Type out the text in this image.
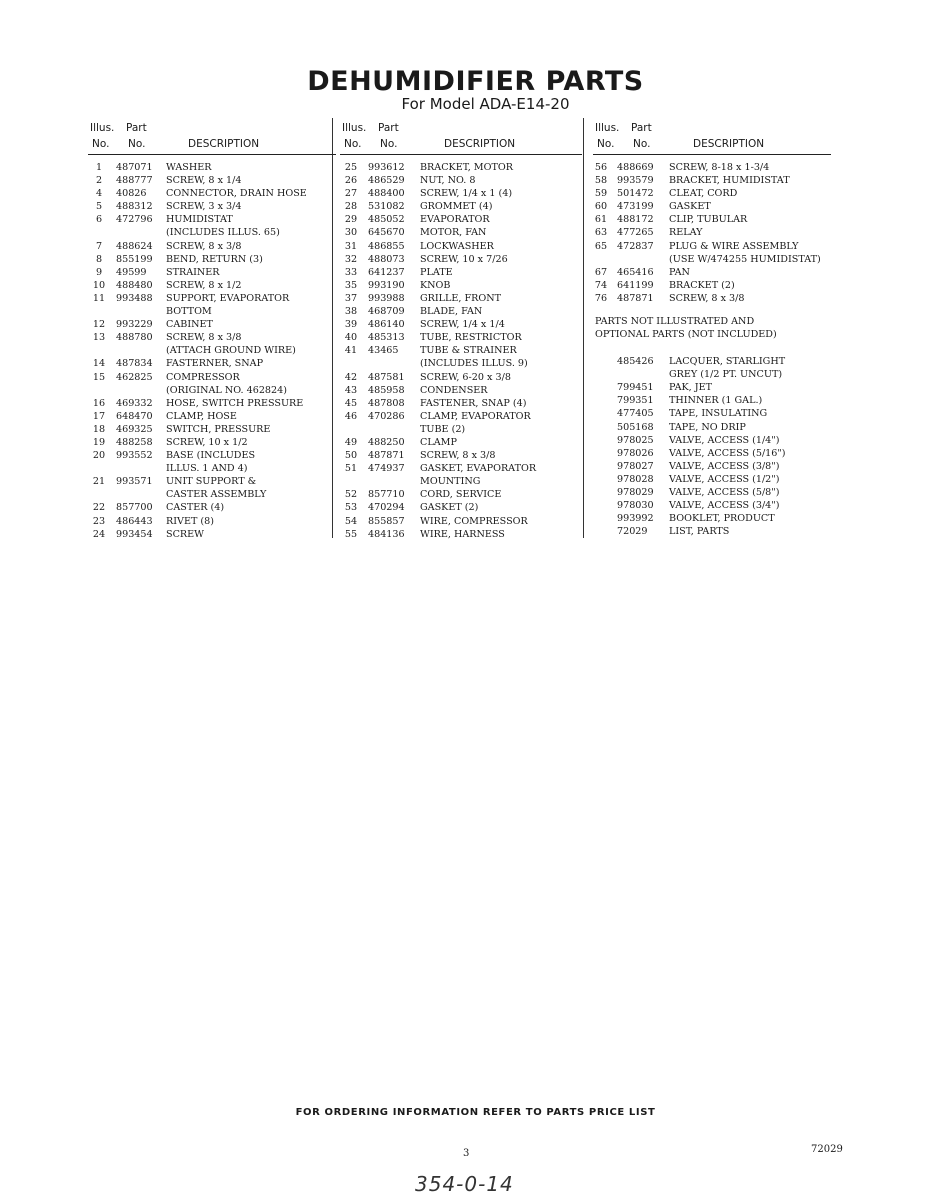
DEHUMIDIFIER PARTS
For Model ADA-E14-20
Illus. Part
No. No.	DESCRIPTION
1	487071 WASHER
2	488777 SCREW, 8 x 1/4
4	40826 CONNECTOR, DRAIN HOSE
5	488312 SCREW, 3 x 3/4
6	472796 HUMIDISTAT
(INCLUDES ILLUS. 65)
7	488624 SCREW, 8 x 3/8
8	855199 BEND, RETURN (3)
9	49599 STRAINER
10	488480 SCREW, 8 x 1/2
11	993488 SUPPORT, EVAPORATOR
BOTTOM
12	993229 CABINET
13	488780 SCREW, 8 x 3/8
(ATTACH GROUND WIRE)
14	487834 FASTERNER, SNAP
15	462825 COMPRESSOR
(ORIGINAL NO. 462824)
16	469332 HOSE, SWITCH PRESSURE
17	648470 CLAMP, HOSE
18	469325 SWITCH, PRESSURE
19	488258 SCREW, 10 x 1/2
20	993552 BASE (INCLUDES
ILLUS. 1 AND 4)
21	993571 UNIT SUPPORT &
CASTER ASSEMBLY
22	857700 CASTER (4)
23	486443 RIVET (8)
24	993454 SCREW
Illus. Part
No. No.	DESCRIPTION
25	993612 BRACKET, MOTOR
26	486529 NUT, NO. 8
27	488400 SCREW, 1/4 x 1 (4)
28	531082 GROMMET (4)
29	485052 EVAPORATOR
30	645670 MOTOR, FAN
31	486855 LOCKWASHER
32	488073 SCREW, 10 x 7/26
33	641237 PLATE
35	993190 KNOB
37	993988 GRILLE, FRONT
38	468709 BLADE, FAN
39	486140 SCREW, 1/4 x 1/4
40	485313 TUBE, RESTRICTOR
41	43465 TUBE & STRAINER
(INCLUDES ILLUS. 9)
42	487581 SCREW, 6-20 x 3/8
43	485958 CONDENSER
45	487808 FASTENER, SNAP (4)
46	470286 CLAMP, EVAPORATOR
TUBE (2)
49	488250 CLAMP
50	487871 SCREW, 8 x 3/8
51	474937 GASKET, EVAPORATOR
MOUNTING
52	857710 CORD, SERVICE
53	470294 GASKET (2)
54	855857 WIRE, COMPRESSOR
55	484136 WIRE, HARNESS
Illus. Part
No. No.	DESCRIPTION
56 488669 SCREW, 8-18 x 1-3/4
58 993579 BRACKET, HUMIDISTAT
59 501472 CLEAT, CORD
60 473199 GASKET
61 488172 CLIP, TUBULAR
63 477265 RELAY
65 472837 PLUG & WIRE ASSEMBLY
(USE W/474255 HUMIDISTAT)
67 465416 PAN
74 641199 BRACKET (2)
76 487871 SCREW, 8 x 3/8
PARTS NOT ILLUSTRATED AND
OPTIONAL PARTS (NOT INCLUDED)
485426 LACQUER, STARLIGHT
GREY (1/2 PT. UNCUT)
799451 PAK, JET
799351 THINNER (1 GAL.)
477405 TAPE, INSULATING
505168 TAPE, NO DRIP
978025 VALVE, ACCESS (1/4")
978026 VALVE, ACCESS (5/16")
978027 VALVE, ACCESS (3/8")
978028 VALVE, ACCESS (1/2")
978029 VALVE, ACCESS (5/8")
978030 VALVE, ACCESS (3/4")
993992 BOOKLET, PRODUCT
72029 LIST, PARTS
FOR ORDERING INFORMATION REFER TO PARTS PRICE LIST
3	72029
354-0-14
